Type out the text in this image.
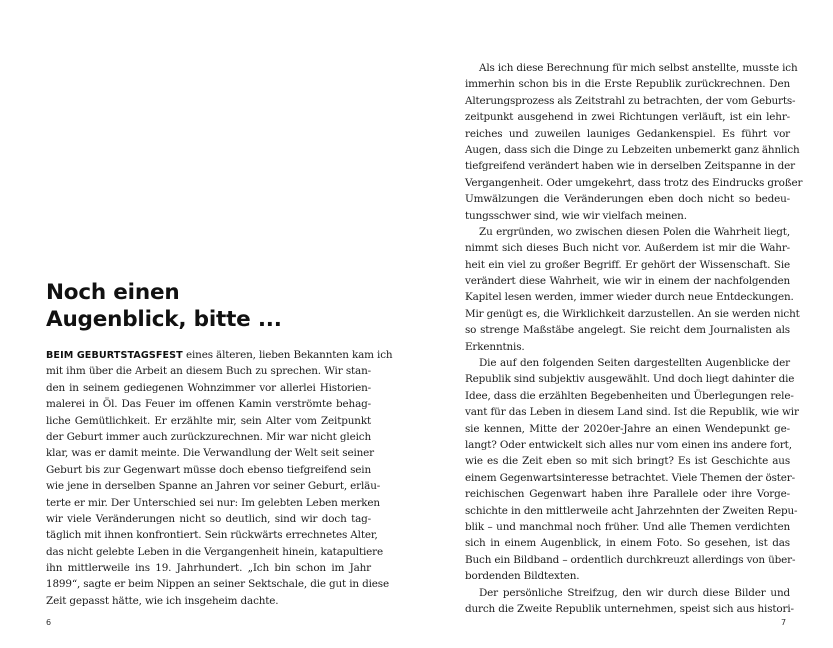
Noch einen
Augenblick, bitte ...
BEIM GEBURTSTAGSFEST eines älteren, lieben Bekannten kam ich
mit ihm über die Arbeit an diesem Buch zu sprechen. Wir stan-
den in seinem gediegenen Wohnzimmer vor allerlei Historien-
malerei in Öl. Das Feuer im offenen Kamin verströmte behag-
liche Gemütlichkeit. Er erzählte mir, sein Alter vom Zeitpunkt
der Geburt immer auch zurückzurechnen. Mir war nicht gleich
klar, was er damit meinte. Die Verwandlung der Welt seit seiner
Geburt bis zur Gegenwart müsse doch ebenso tiefgreifend sein
wie jene in derselben Spanne an Jahren vor seiner Geburt, erläu-
terte er mir. Der Unterschied sei nur: Im gelebten Leben merken
wir viele Veränderungen nicht so deutlich, sind wir doch tag-
täglich mit ihnen konfrontiert. Sein rückwärts errechnetes Alter,
das nicht gelebte Leben in die Vergangenheit hinein, katapultiere
ihn mittlerweile ins 19. Jahrhundert. „Ich bin schon im Jahr
1899“, sagte er beim Nippen an seiner Sektschale, die gut in diese
Zeit gepasst hätte, wie ich insgeheim dachte.
6
Als ich diese Berechnung für mich selbst anstellte, musste ich
immerhin schon bis in die Erste Republik zurückrechnen. Den
Alterungsprozess als Zeitstrahl zu betrachten, der vom Geburts-
zeitpunkt ausgehend in zwei Richtungen verläuft, ist ein lehr-
reiches und zuweilen launiges Gedankenspiel. Es führt vor
Augen, dass sich die Dinge zu Lebzeiten unbemerkt ganz ähnlich
tiefgreifend verändert haben wie in derselben Zeitspanne in der
Vergangenheit. Oder umgekehrt, dass trotz des Eindrucks großer
Umwälzungen die Veränderungen eben doch nicht so bedeu-
tungsschwer sind, wie wir vielfach meinen.
Zu ergründen, wo zwischen diesen Polen die Wahrheit liegt,
nimmt sich dieses Buch nicht vor. Außerdem ist mir die Wahr-
heit ein viel zu großer Begriff. Er gehört der Wissenschaft. Sie
verändert diese Wahrheit, wie wir in einem der nachfolgenden
Kapitel lesen werden, immer wieder durch neue Entdeckungen.
Mir genügt es, die Wirklichkeit darzustellen. An sie werden nicht
so strenge Maßstäbe angelegt. Sie reicht dem Journalisten als
Erkenntnis.
Die auf den folgenden Seiten dargestellten Augenblicke der
Republik sind subjektiv ausgewählt. Und doch liegt dahinter die
Idee, dass die erzählten Begebenheiten und Überlegungen rele-
vant für das Leben in diesem Land sind. Ist die Republik, wie wir
sie kennen, Mitte der 2020er-Jahre an einen Wendepunkt ge-
langt? Oder entwickelt sich alles nur vom einen ins andere fort,
wie es die Zeit eben so mit sich bringt? Es ist Geschichte aus
einem Gegenwartsinteresse betrachtet. Viele Themen der öster-
reichischen Gegenwart haben ihre Parallele oder ihre Vorge-
schichte in den mittlerweile acht Jahrzehnten der Zweiten Repu-
blik – und manchmal noch früher. Und alle Themen verdichten
sich in einem Augenblick, in einem Foto. So gesehen, ist das
Buch ein Bildband – ordentlich durchkreuzt allerdings von über-
bordenden Bildtexten.
Der persönliche Streifzug, den wir durch diese Bilder und
durch die Zweite Republik unternehmen, speist sich aus histori-
7
